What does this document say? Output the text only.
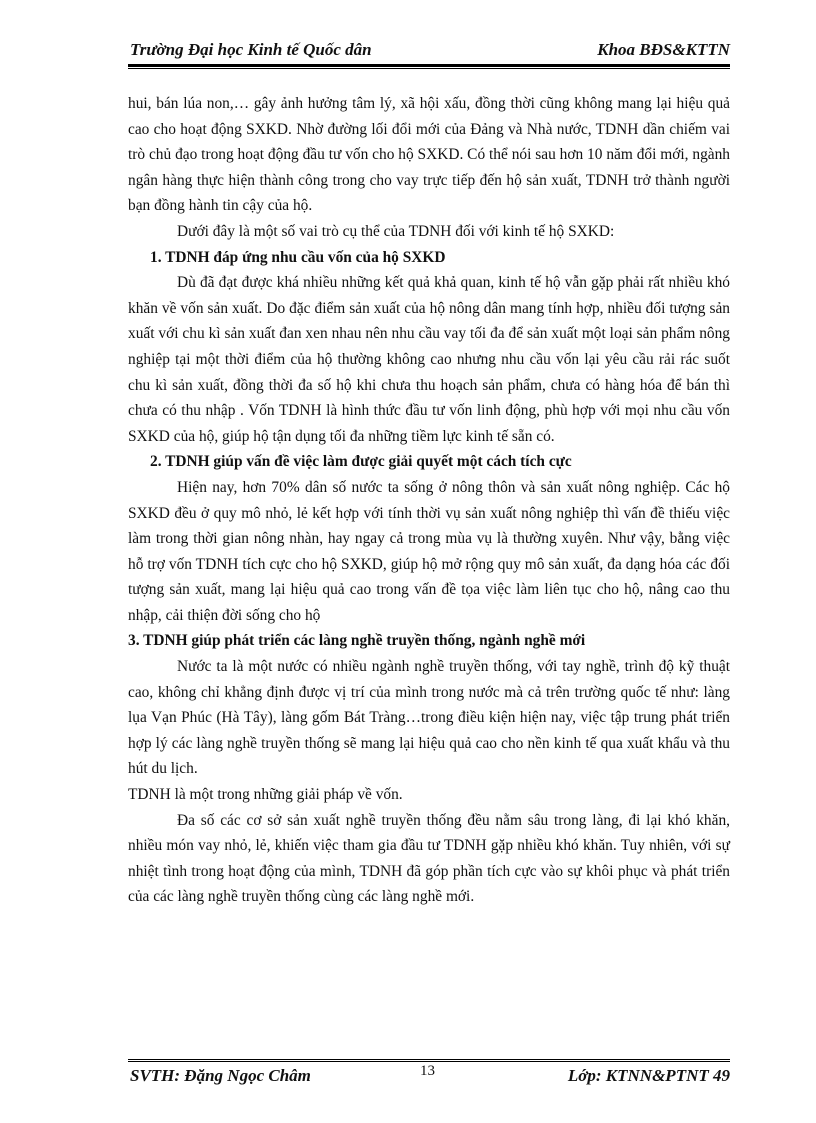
Trường Đại học Kinh tế Quốc dân	Khoa BĐS&KTTN

hui, bán lúa non,… gây ảnh hưởng tâm lý, xã hội xấu, đồng thời cũng không mang lại hiệu quả cao cho hoạt động SXKD. Nhờ đường lối đổi mới của Đảng và Nhà nước, TDNH dần chiếm vai trò chủ đạo trong hoạt động đầu tư vốn cho hộ SXKD. Có thể nói sau hơn 10 năm đổi mới, ngành ngân hàng thực hiện thành công trong cho vay trực tiếp đến hộ sản xuất, TDNH trở thành người bạn đồng hành tin cậy của hộ.

Dưới đây là một số vai trò cụ thể của TDNH đối với kinh tế hộ SXKD:

1. TDNH đáp ứng nhu cầu vốn của hộ SXKD

Dù đã đạt được khá nhiều những kết quả khả quan, kinh tế hộ vẫn gặp phải rất nhiều khó khăn về vốn sản xuất. Do đặc điểm sản xuất của hộ nông dân mang tính hợp, nhiều đối tượng sản xuất với chu kì sản xuất đan xen nhau nên nhu cầu vay tối đa để sản xuất một loại sản phẩm nông nghiệp tại một thời điểm của hộ thường không cao nhưng nhu cầu vốn lại yêu cầu rải rác suốt chu kì sản xuất, đồng thời đa số hộ khi chưa thu hoạch sản phẩm, chưa có hàng hóa để bán thì chưa có thu nhập . Vốn TDNH là hình thức đầu tư vốn linh động, phù hợp với mọi nhu cầu vốn SXKD của hộ, giúp hộ tận dụng tối đa những tiềm lực kinh tế sẵn có.

2. TDNH giúp vấn đề việc làm được giải quyết một cách tích cực

Hiện nay, hơn 70% dân số nước ta sống ở nông thôn và sản xuất nông nghiệp. Các hộ SXKD đều ở quy mô nhỏ, lẻ kết hợp với tính thời vụ sản xuất nông nghiệp thì vấn đề thiếu việc làm trong thời gian nông nhàn, hay ngay cả trong mùa vụ là thường xuyên. Như vậy, bằng việc hỗ trợ vốn TDNH tích cực cho hộ SXKD, giúp hộ mở rộng quy mô sản xuất, đa dạng hóa các đối tượng sản xuất, mang lại hiệu quả cao trong vấn đề tọa việc làm liên tục cho hộ, nâng cao thu nhập, cải thiện đời sống cho hộ

3. TDNH giúp phát triển các làng nghề truyền thống, ngành nghề mới

Nước ta là một nước có nhiều ngành nghề truyền thống, với tay nghề, trình độ kỹ thuật cao, không chỉ khẳng định được vị trí của mình trong nước mà cả trên trường quốc tế như: làng lụa Vạn Phúc (Hà Tây), làng gốm Bát Tràng…trong điều kiện hiện nay, việc tập trung phát triển hợp lý các làng nghề truyền thống sẽ mang lại hiệu quả cao cho nền kinh tế qua xuất khẩu và thu hút du lịch.

TDNH là một trong những giải pháp về vốn.

Đa số các cơ sở sản xuất nghề truyền thống đều nằm sâu trong làng, đi lại khó khăn, nhiều món vay nhỏ, lẻ, khiến việc tham gia đầu tư TDNH gặp nhiều khó khăn. Tuy nhiên, với sự nhiệt tình trong hoạt động của mình, TDNH đã góp phần tích cực vào sự khôi phục và phát triển của các làng nghề truyền thống cùng các làng nghề mới.

SVTH: Đặng Ngọc Châm	13	Lớp: KTNN&PTNT 49
